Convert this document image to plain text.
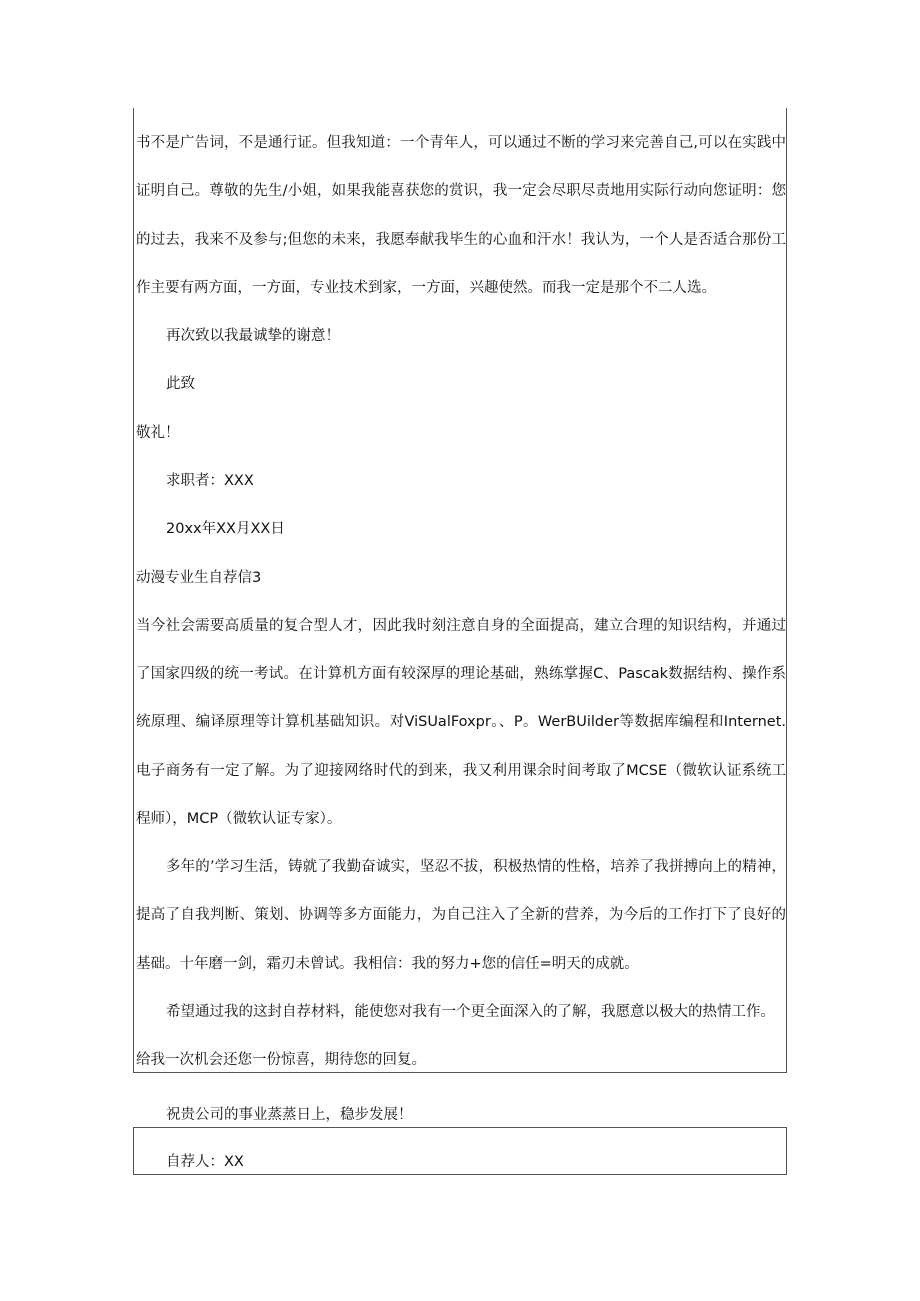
书不是广告词，不是通行证。但我知道：一个青年人，可以通过不断的学习来完善自己,可以在实践中
证明自己。尊敬的先生/小姐，如果我能喜获您的赏识，我一定会尽职尽责地用实际行动向您证明：您
的过去，我来不及参与;但您的未来，我愿奉献我毕生的心血和汗水！我认为，一个人是否适合那份工
作主要有两方面，一方面，专业技术到家，一方面，兴趣使然。而我一定是那个不二人选。
再次致以我最诚挚的谢意！
此致
敬礼！
求职者：XXX
20xx年XX月XX日
动漫专业生自荐信3
当今社会需要高质量的复合型人才，因此我时刻注意自身的全面提高，建立合理的知识结构，并通过
了国家四级的统一考试。在计算机方面有较深厚的理论基础，熟练掌握C、Pascak数据结构、操作系
统原理、编译原理等计算机基础知识。对ViSUalFoxpr。、P。WerBUilder等数据库编程和Internet.
电子商务有一定了解。为了迎接网络时代的到来，我又利用课余时间考取了MCSE（微软认证系统工
程师），MCP（微软认证专家）。
多年的’学习生活，铸就了我勤奋诚实，坚忍不拔，积极热情的性格，培养了我拼搏向上的精神，
提高了自我判断、策划、协调等多方面能力，为自己注入了全新的营养，为今后的工作打下了良好的
基础。十年磨一剑，霜刃未曾试。我相信：我的努力+您的信任=明天的成就。
希望通过我的这封自荐材料，能使您对我有一个更全面深入的了解，我愿意以极大的热情工作。
给我一次机会还您一份惊喜，期待您的回复。
祝贵公司的事业蒸蒸日上，稳步发展！
自荐人：XX
